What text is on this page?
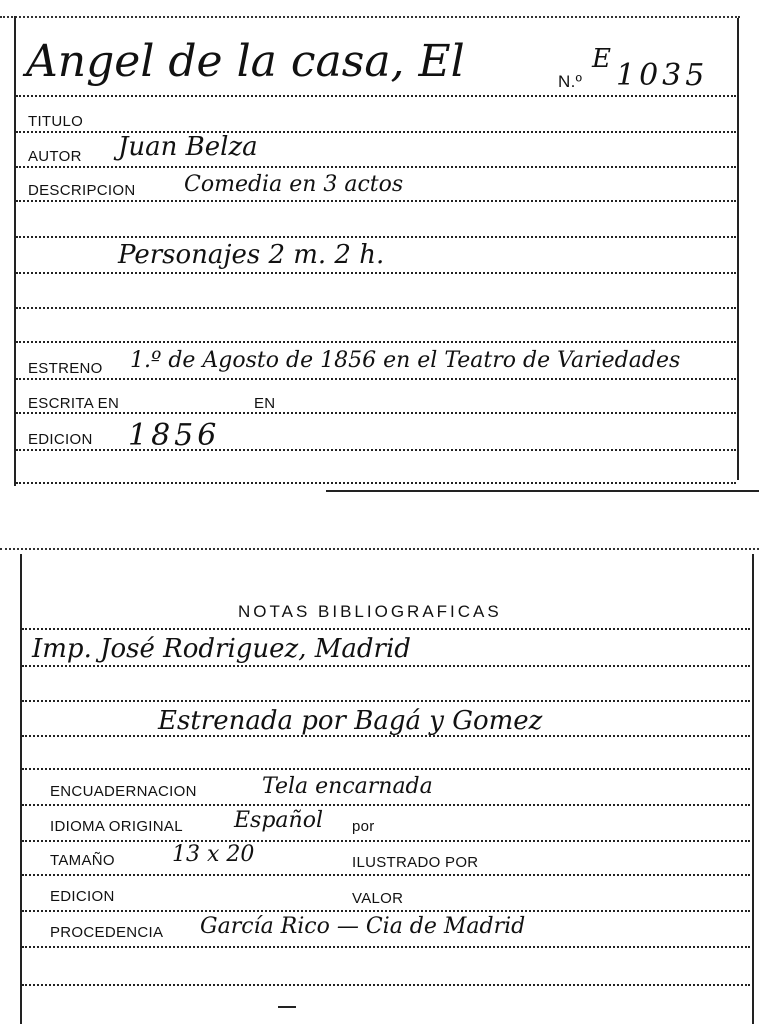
Angel de la casa, El	N.º
E 1035
TITULO
AUTOR Juan Belza
DESCRIPCION Comedia en 3 actos
Personajes 2 m. 2 h.
ESTRENO 1.º de Agosto de 1856 en el Teatro de Variedades
ESCRITA EN	EN
EDICION 1856
NOTAS BIBLIOGRAFICAS
Imp. José Rodriguez, Madrid
Estrenada por Bagá y Gomez
ENCUADERNACION	Tela encarnada
IDIOMA ORIGINAL Español por
TAMAÑO	13 x 20	ILUSTRADO POR
EDICION	VALOR
PROCEDENCIA García Rico — Cia de Madrid
